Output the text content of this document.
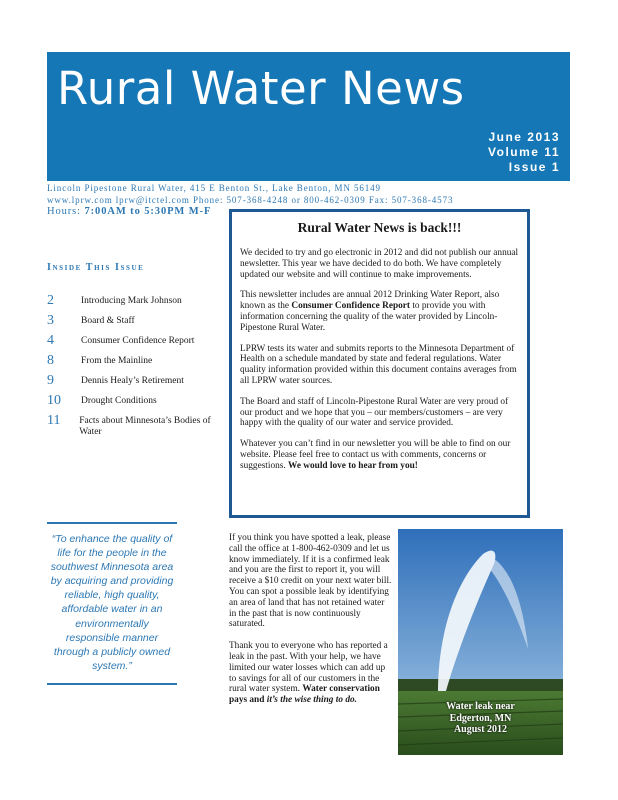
Rural Water News
June 2013
Volume 11
Issue 1
Lincoln Pipestone Rural Water, 415 E Benton St., Lake Benton, MN 56149
www.lprw.com lprw@itctel.com Phone: 507-368-4248 or 800-462-0309 Fax: 507-368-4573
Hours: 7:00AM to 5:30PM M-F
Inside This Issue
2	Introducing Mark Johnson
3	Board & Staff
4	Consumer Confidence Report
8	From the Mainline
9	Dennis Healy’s Retirement
10	Drought Conditions
11	Facts about Minnesota’s Bodies of Water
Rural Water News is back!!!

We decided to try and go electronic in 2012 and did not publish our annual newsletter. This year we have decided to do both. We have completely updated our website and will continue to make improvements.

This newsletter includes are annual 2012 Drinking Water Report, also known as the Consumer Confidence Report to provide you with information concerning the quality of the water provided by Lincoln-Pipestone Rural Water.

LPRW tests its water and submits reports to the Minnesota Department of Health on a schedule mandated by state and federal regulations. Water quality information provided within this document contains averages from all LPRW water sources.

The Board and staff of Lincoln-Pipestone Rural Water are very proud of our product and we hope that you – our members/customers – are very happy with the quality of our water and service provided.

Whatever you can’t find in our newsletter you will be able to find on our website. Please feel free to contact us with comments, concerns or suggestions. We would love to hear from you!

“To enhance the quality of life for the people in the southwest Minnesota area by acquiring and providing reliable, high quality, affordable water in an environmentally responsible manner through a publicly owned system.”

If you think you have spotted a leak, please call the office at 1-800-462-0309 and let us know immediately. If it is a confirmed leak and you are the first to report it, you will receive a $10 credit on your next water bill. You can spot a possible leak by identifying an area of land that has not retained water in the past that is now continuously saturated.

Thank you to everyone who has reported a leak in the past. With your help, we have limited our water losses which can add up to savings for all of our customers in the rural water system. Water conservation pays and it’s the wise thing to do.

Water leak near
Edgerton, MN
August 2012
